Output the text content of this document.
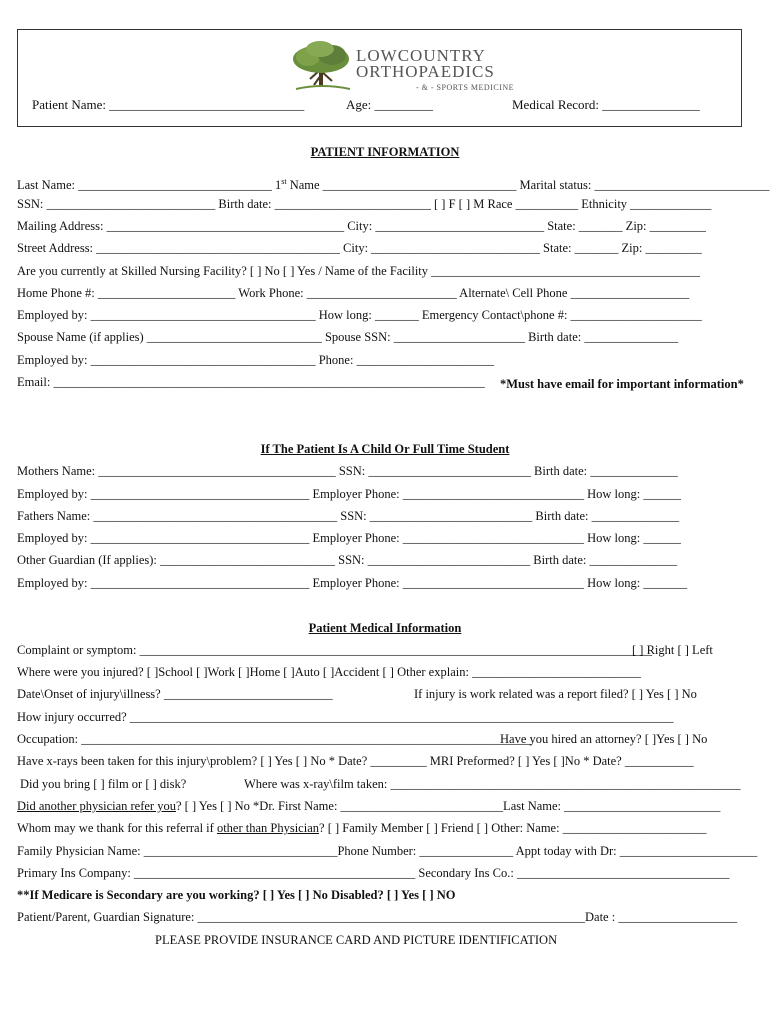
LOWCOUNTRY
ORTHOPAEDICS
- & - SPORTS MEDICINE
Patient Name: ______________________________	Age: _________	Medical Record: _______________
PATIENT INFORMATION
Last Name: _______________________________ 1st Name _______________________________ Marital status: ____________________________
SSN: ___________________________ Birth date: _________________________ [ ] F [ ] M Race __________ Ethnicity _____________
Mailing Address: ______________________________________ City: ___________________________ State: _______ Zip: _________
Street Address: _______________________________________ City: ___________________________ State: _______ Zip: _________
Are you currently at Skilled Nursing Facility? [ ] No [ ] Yes / Name of the Facility ___________________________________________
Home Phone #: ______________________ Work Phone: ________________________ Alternate\ Cell Phone ___________________
Employed by: ____________________________________ How long: _______ Emergency Contact\phone #: _____________________
Spouse Name (if applies) ____________________________ Spouse SSN: _____________________ Birth date: _______________
Employed by: ____________________________________ Phone: ______________________
Email: _____________________________________________________________________ *Must have email for important information*
If The Patient Is A Child Or Full Time Student
Mothers Name: ______________________________________ SSN: __________________________ Birth date: ______________
Employed by: ___________________________________ Employer Phone: _____________________________ How long: ______
Fathers Name: _______________________________________ SSN: __________________________ Birth date: ______________
Employed by: ___________________________________ Employer Phone: _____________________________ How long: ______
Other Guardian (If applies): ____________________________ SSN: __________________________ Birth date: ______________
Employed by: ___________________________________ Employer Phone: _____________________________ How long: _______
Patient Medical Information
Complaint or symptom: __________________________________________________________________________________
[ ] Right [ ] Left
Where were you injured? [ ]School [ ]Work [ ]Home [ ]Auto [ ]Accident [ ] Other explain: ___________________________
Date\Onset of injury\illness? ___________________________	If injury is work related was a report filed? [ ] Yes [ ] No
How injury occurred? _______________________________________________________________________________________
Occupation: ________________________________________________________________________
Have you hired an attorney? [ ]Yes [ ] No
Have x-rays been taken for this injury\problem? [ ] Yes [ ] No * Date? _________ MRI Preformed? [ ] Yes [ ]No * Date? ___________
Did you bring [ ] film or [ ] disk?	Where was x-ray\film taken: ________________________________________________________
Did another physician refer you? [ ] Yes [ ] No *Dr. First Name: __________________________Last Name: _________________________
Whom may we thank for this referral if other than Physician? [ ] Family Member [ ] Friend [ ] Other: Name: _______________________
Family Physician Name: _______________________________Phone Number: _______________ Appt today with Dr: ______________________
Primary Ins Company: _____________________________________________ Secondary Ins Co.: __________________________________
**If Medicare is Secondary are you working? [ ] Yes [ ] No Disabled? [ ] Yes [ ] NO
Patient/Parent, Guardian Signature: ______________________________________________________________Date : ___________________
PLEASE PROVIDE INSURANCE CARD AND PICTURE IDENTIFICATION
